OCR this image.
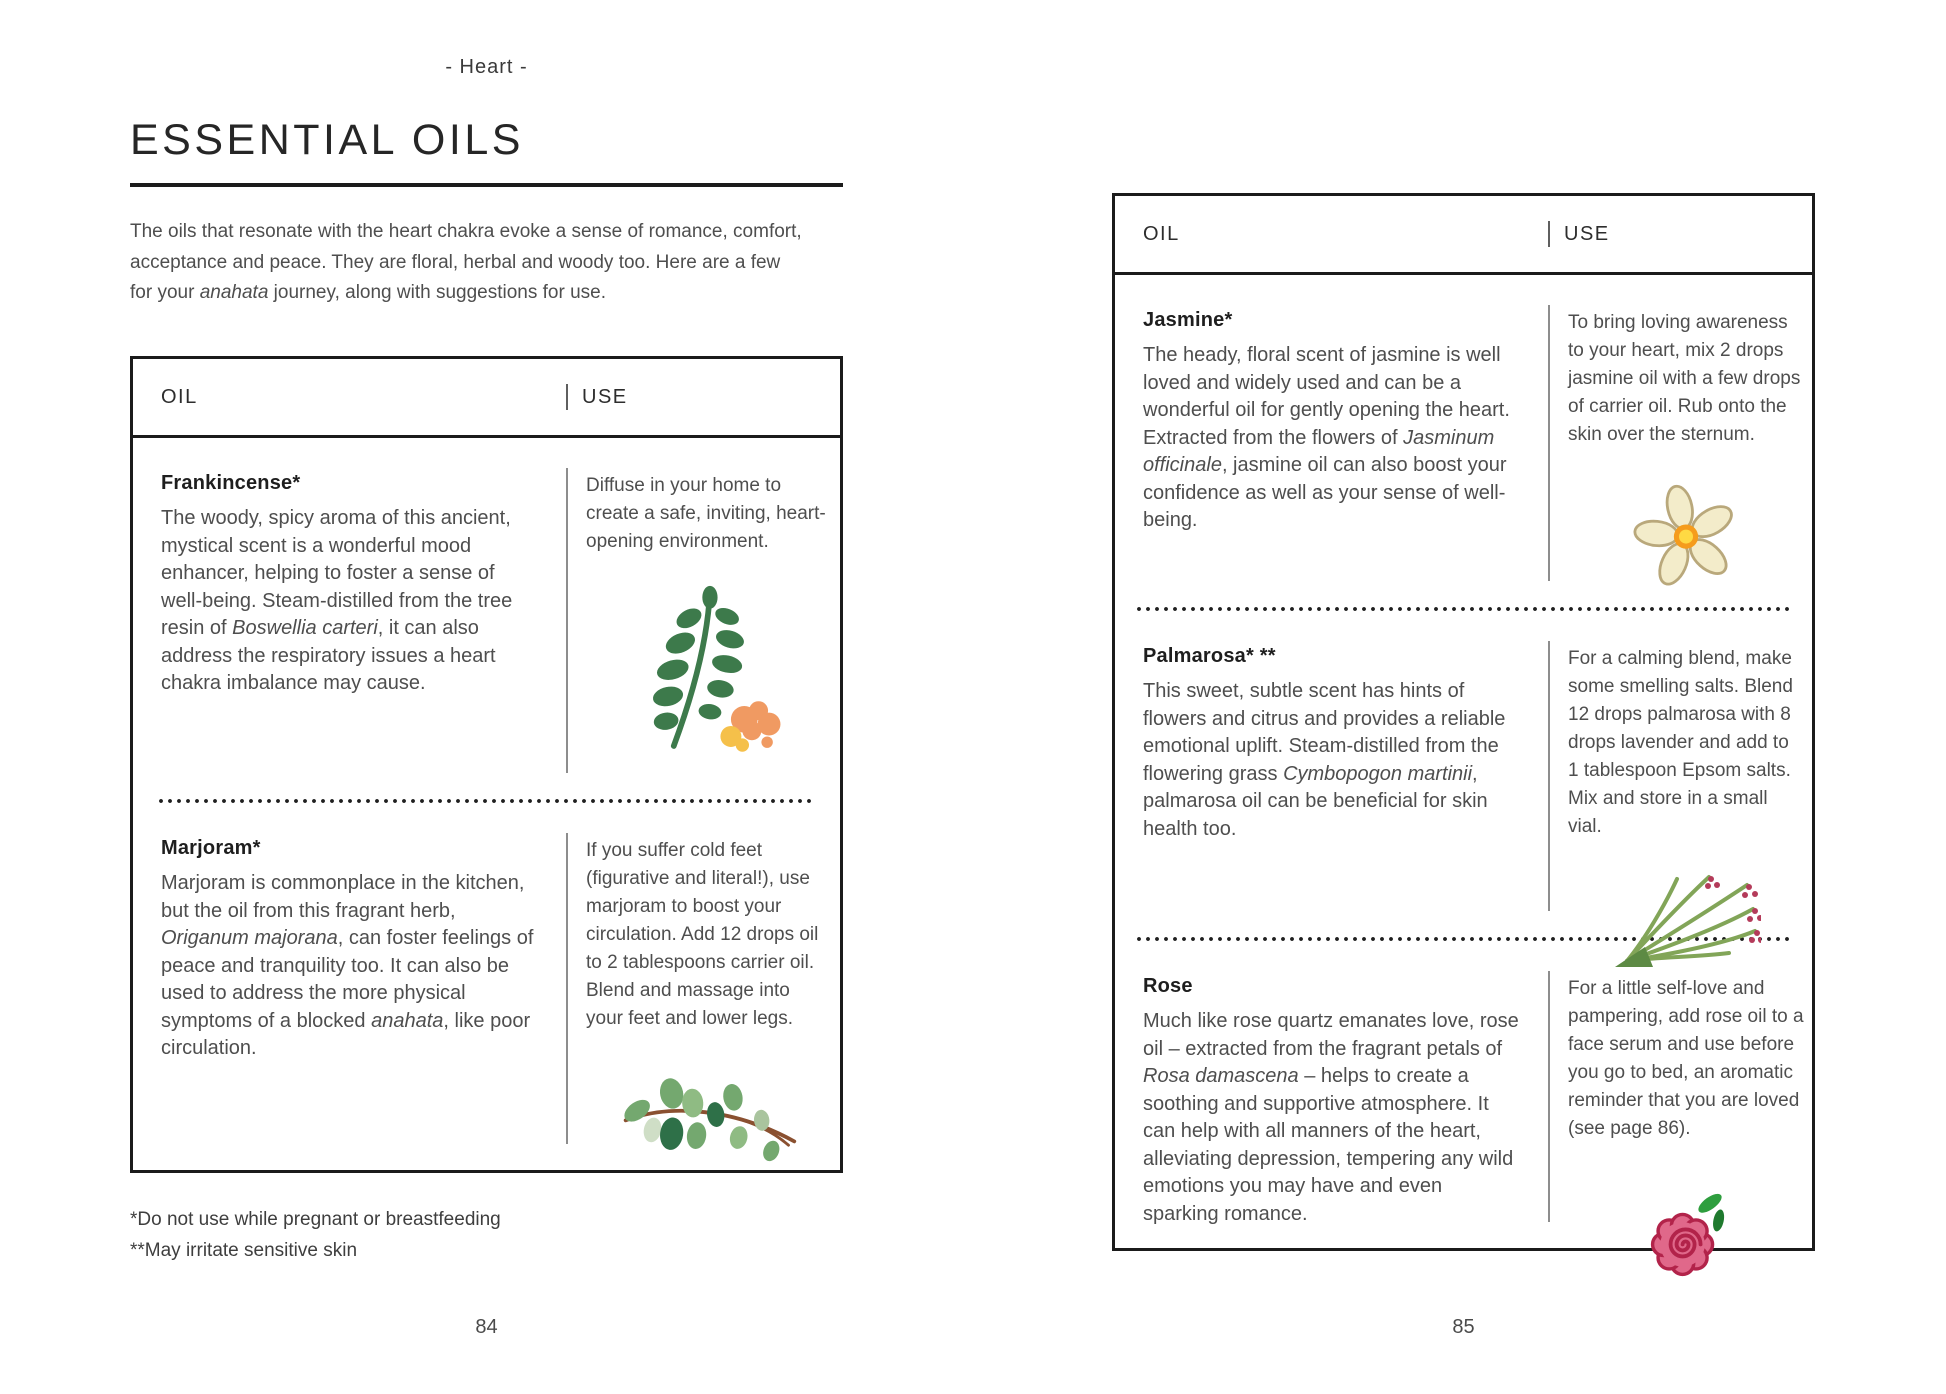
- Heart -
ESSENTIAL OILS

The oils that resonate with the heart chakra evoke a sense of romance, comfort, acceptance and peace. They are floral, herbal and woody too. Here are a few for your anahata journey, along with suggestions for use.

OIL	USE
Frankincense*

The woody, spicy aroma of this ancient, mystical scent is a wonderful mood enhancer, helping to foster a sense of well-being. Steam-distilled from the tree resin of Boswellia carteri, it can also address the respiratory issues a heart chakra imbalance may cause.

Diffuse in your home to create a safe, inviting, heart-opening environment.

Marjoram*

Marjoram is commonplace in the kitchen, but the oil from this fragrant herb, Origanum majorana, can foster feelings of peace and tranquility too. It can also be used to address the more physical symptoms of a blocked anahata, like poor circulation.

If you suffer cold feet (figurative and literal!), use marjoram to boost your circulation. Add 12 drops oil to 2 tablespoons carrier oil. Blend and massage into your feet and lower legs.

*Do not use while pregnant or breastfeeding
**May irritate sensitive skin
84
OIL	USE
Jasmine*

The heady, floral scent of jasmine is well loved and widely used and can be a wonderful oil for gently opening the heart. Extracted from the flowers of Jasminum officinale, jasmine oil can also boost your confidence as well as your sense of well-being.

To bring loving awareness to your heart, mix 2 drops jasmine oil with a few drops of carrier oil. Rub onto the skin over the sternum.

Palmarosa* **

This sweet, subtle scent has hints of flowers and citrus and provides a reliable emotional uplift. Steam-distilled from the flowering grass Cymbopogon martinii, palmarosa oil can be beneficial for skin health too.

For a calming blend, make some smelling salts. Blend 12 drops palmarosa with 8 drops lavender and add to 1 tablespoon Epsom salts. Mix and store in a small vial.

Rose

Much like rose quartz emanates love, rose oil – extracted from the fragrant petals of Rosa damascena – helps to create a soothing and supportive atmosphere. It can help with all manners of the heart, alleviating depression, tempering any wild emotions you may have and even sparking romance.

For a little self-love and pampering, add rose oil to a face serum and use before you go to bed, an aromatic reminder that you are loved (see page 86).

85
